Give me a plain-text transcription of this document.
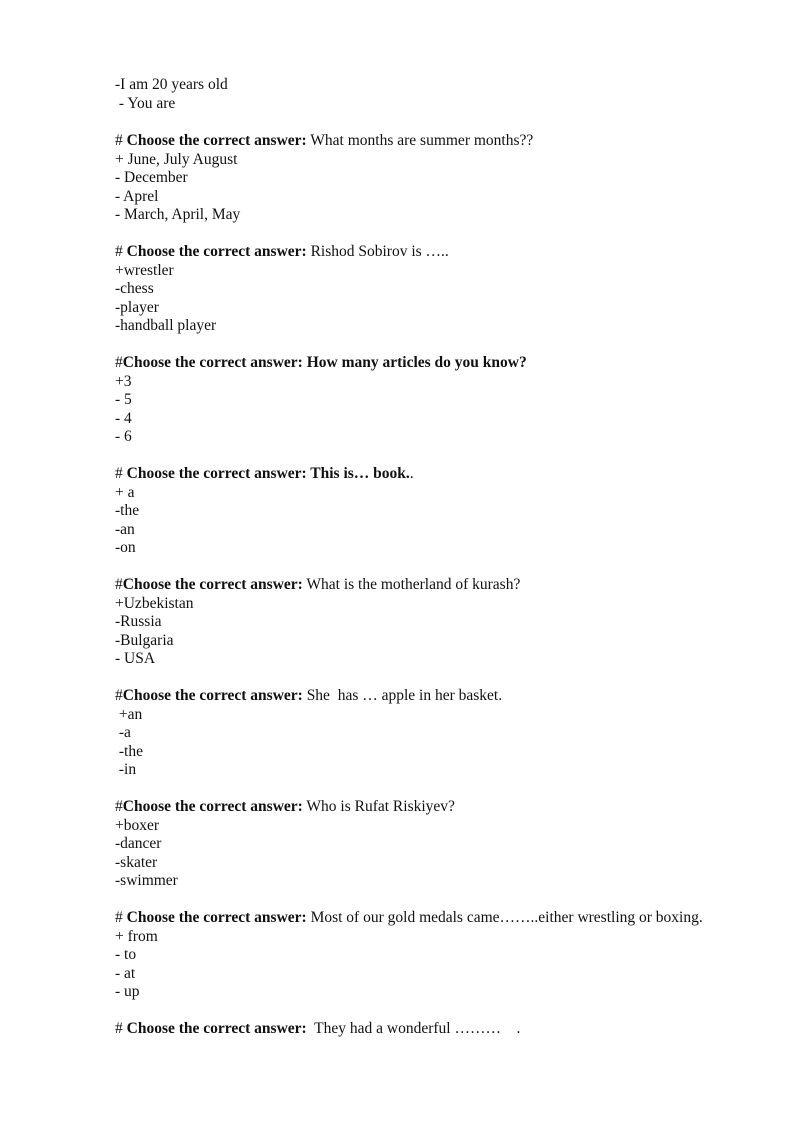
-I am 20 years old
- You are
# Choose the correct answer: What months are summer months??
+ June, July August
- December
- Aprel
- March, April, May
# Choose the correct answer: Rishod Sobirov is …..
+wrestler
-chess
-player
-handball player
#Choose the correct answer: How many articles do you know?
+3
- 5
- 4
- 6
# Choose the correct answer: This is… book..
+ a
-the
-an
-on
#Choose the correct answer: What is the motherland of kurash?
+Uzbekistan
-Russia
-Bulgaria
- USA
#Choose the correct answer: She  has … apple in her basket.
+an
-a
-the
-in
#Choose the correct answer: Who is Rufat Riskiyev?
+boxer
-dancer
-skater
-swimmer
# Choose the correct answer: Most of our gold medals came……..either wrestling or boxing.
+ from
- to
- at
- up
# Choose the correct answer:  They had a wonderful ………    .
